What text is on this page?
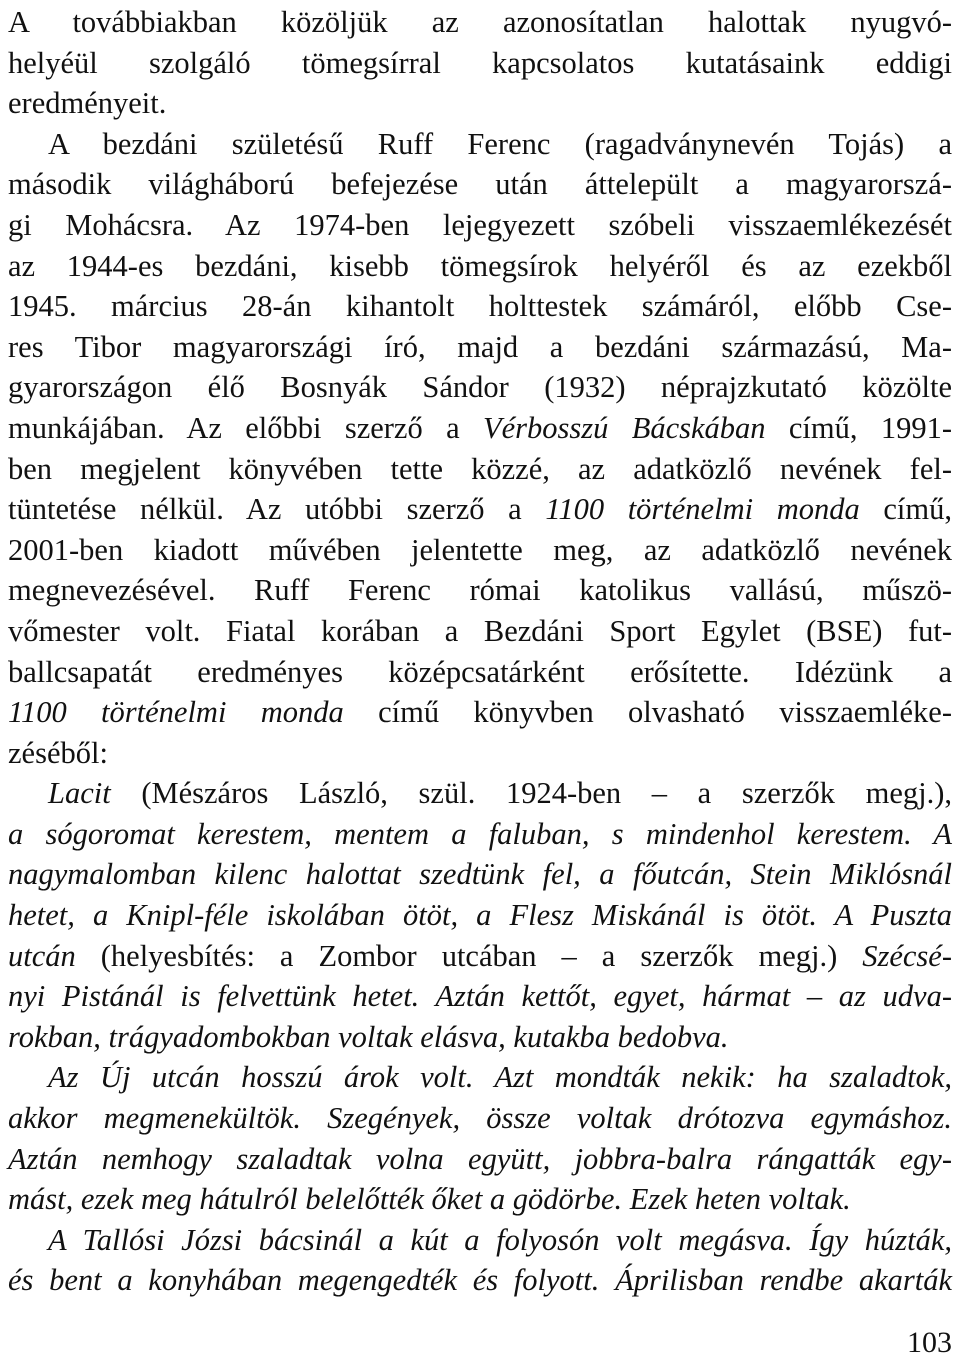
A továbbiakban közöljük az azonosítatlan halottak nyugvó-
helyéül szolgáló tömegsírral kapcsolatos kutatásaink eddigi
eredményeit.
A bezdáni születésű Ruff Ferenc (ragadványnevén Tojás) a
második világháború befejezése után áttelepült a magyarorszá-
gi Mohácsra. Az 1974-ben lejegyezett szóbeli visszaemlékezését
az 1944-es bezdáni, kisebb tömegsírok helyéről és az ezekből
1945. március 28-án kihantolt holttestek számáról, előbb Cse-
res Tibor magyarországi író, majd a bezdáni származású, Ma-
gyarországon élő Bosnyák Sándor (1932) néprajzkutató közölte
munkájában. Az előbbi szerző a Vérbosszú Bácskában című, 1991-
ben megjelent könyvében tette közzé, az adatközlő nevének fel-
tüntetése nélkül. Az utóbbi szerző a 1100 történelmi monda című,
2001-ben kiadott művében jelentette meg, az adatközlő nevének
megnevezésével. Ruff Ferenc római katolikus vallású, műszö-
vőmester volt. Fiatal korában a Bezdáni Sport Egylet (BSE) fut-
ballcsapatát eredményes középcsatárként erősítette. Idézünk a
1100 történelmi monda című könyvben olvasható visszaemléke-
zéséből:
Lacit (Mészáros László, szül. 1924-ben – a szerzők megj.),
a sógoromat kerestem, mentem a faluban, s mindenhol kerestem. A
nagymalomban kilenc halottat szedtünk fel, a főutcán, Stein Miklósnál
hetet, a Knipl-féle iskolában ötöt, a Flesz Miskánál is ötöt. A Puszta
utcán (helyesbítés: a Zombor utcában – a szerzők megj.) Szécsé-
nyi Pistánál is felvettünk hetet. Aztán kettőt, egyet, hármat – az udva-
rokban, trágyadombokban voltak elásva, kutakba bedobva.
Az Új utcán hosszú árok volt. Azt mondták nekik: ha szaladtok,
akkor megmenekültök. Szegények, össze voltak drótozva egymáshoz.
Aztán nemhogy szaladtak volna együtt, jobbra-balra rángatták egy-
mást, ezek meg hátulról belelőtték őket a gödörbe. Ezek heten voltak.
A Tallósi Józsi bácsinál a kút a folyosón volt megásva. Így húzták,
és bent a konyhában megengedték és folyott. Áprilisban rendbe akarták
103
